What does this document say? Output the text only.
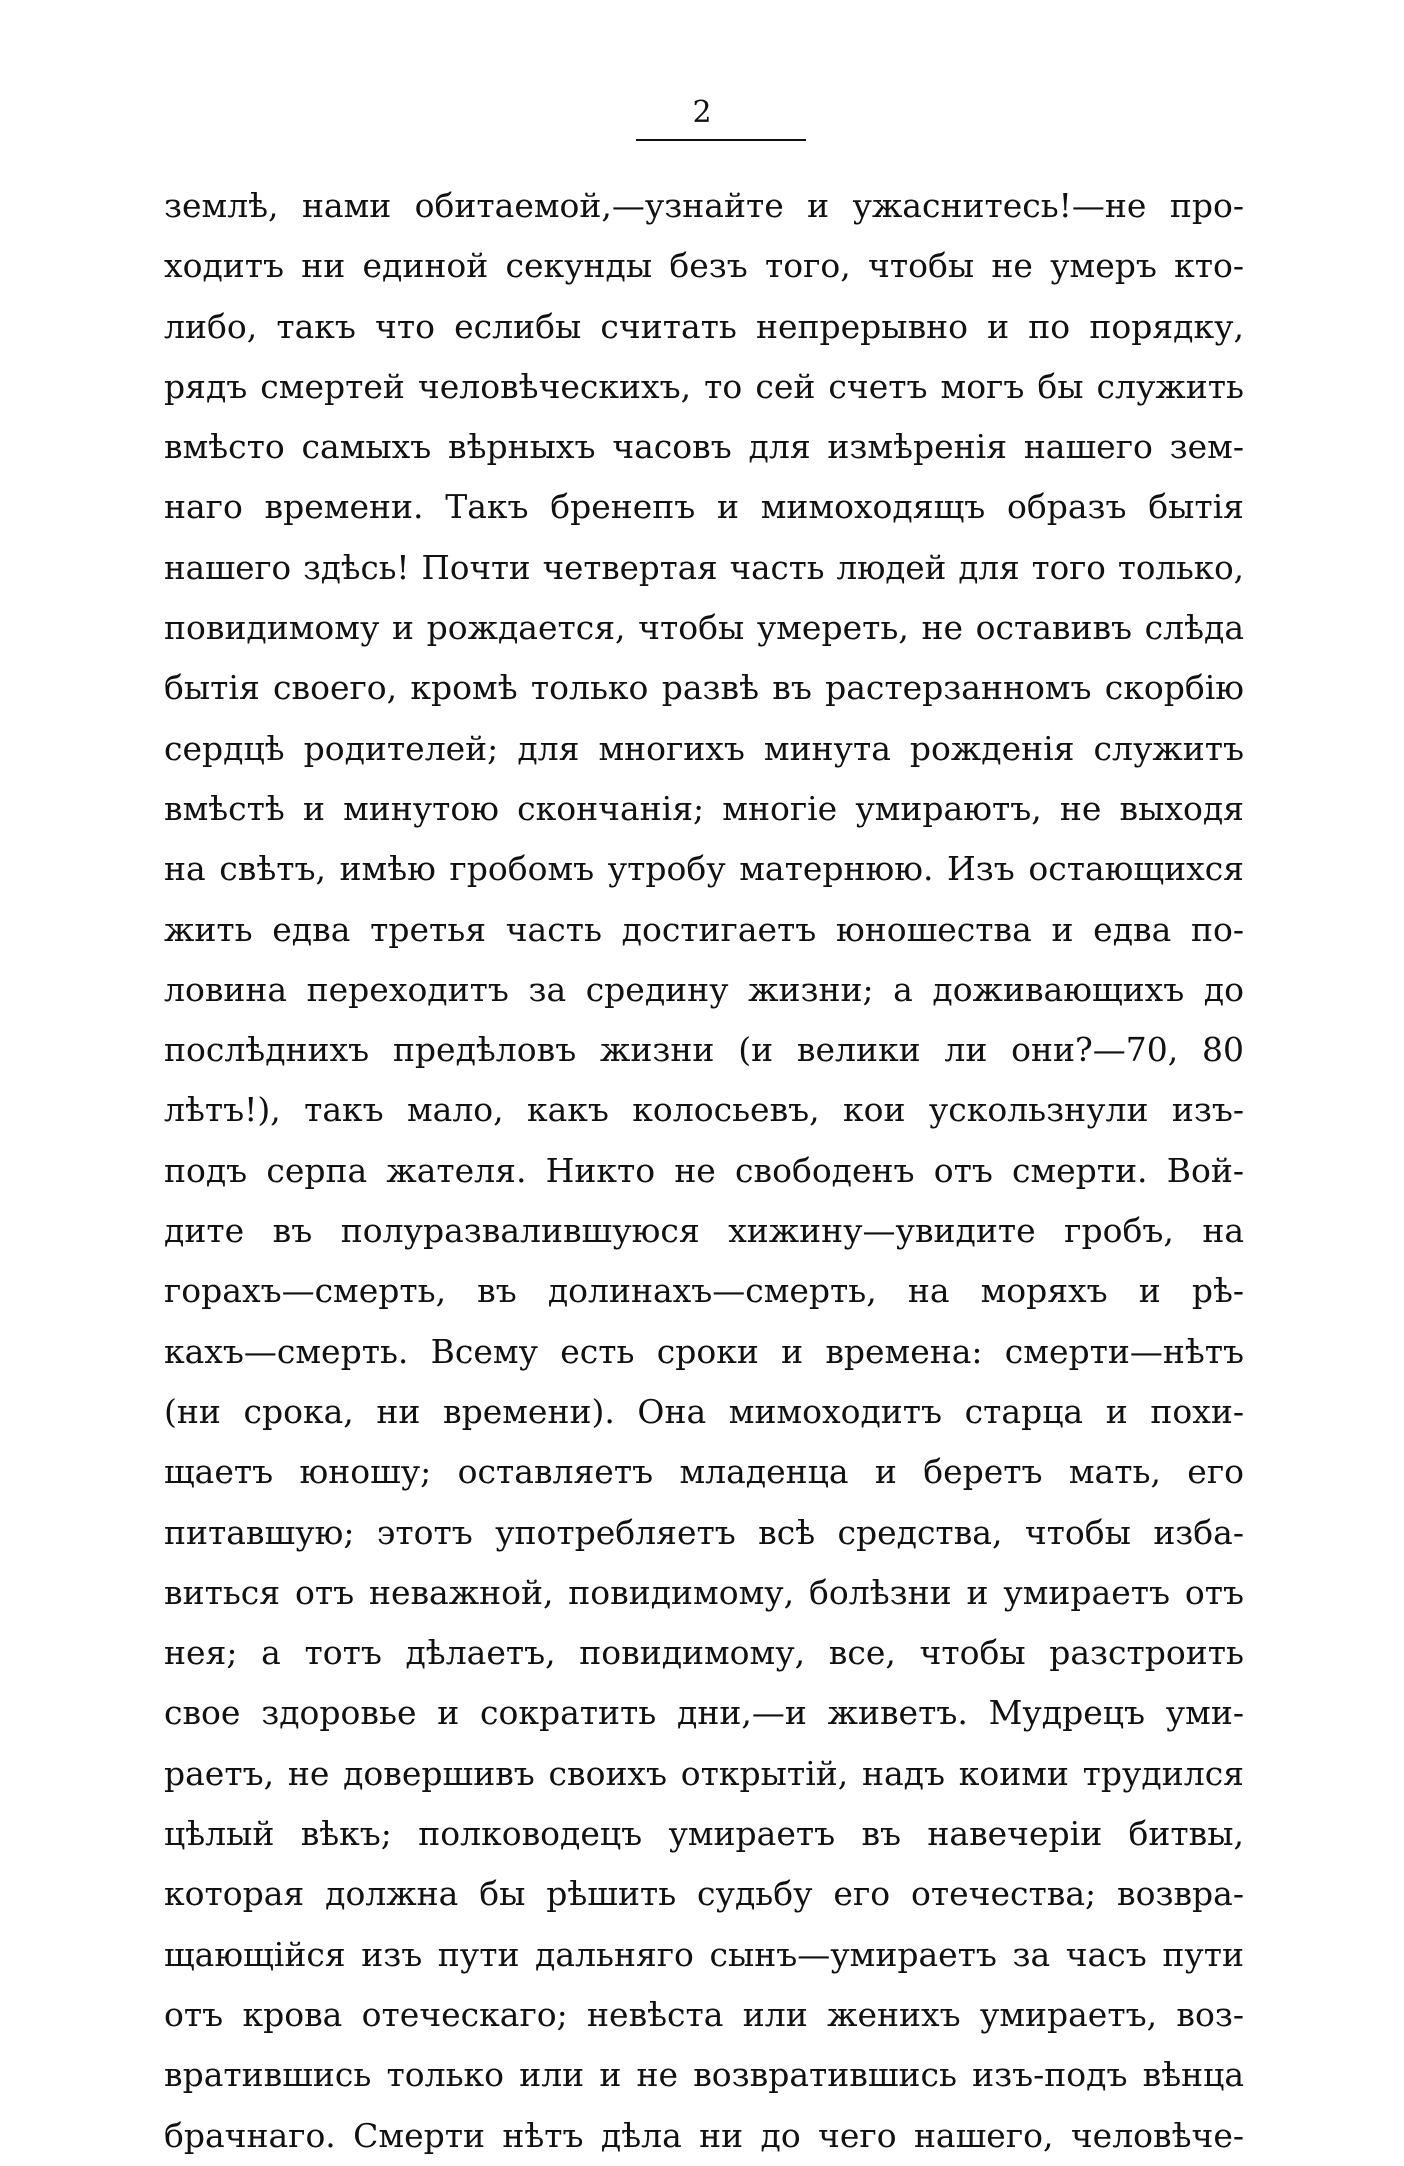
2
землѣ, нами обитаемой,—узнайте и ужаснитесь!—не про-
ходитъ ни единой секунды безъ того, чтобы не умеръ кто-
либо, такъ что еслибы считать непрерывно и по порядку,
рядъ смертей человѣческихъ, то сей счетъ могъ бы служить
вмѣсто самыхъ вѣрныхъ часовъ для измѣренія нашего зем-
наго времени. Такъ бренепъ и мимоходящъ образъ бытія
нашего здѣсь! Почти четвертая часть людей для того только,
повидимому и рождается, чтобы умереть, не оставивъ слѣда
бытія своего, кромѣ только развѣ въ растерзанномъ скорбію
сердцѣ родителей; для многихъ минута рожденія служитъ
вмѣстѣ и минутою скончанія; многіе умираютъ, не выходя
на свѣтъ, имѣю гробомъ утробу матернюю. Изъ остающихся
жить едва третья часть достигаетъ юношества и едва по-
ловина переходитъ за средину жизни; а доживающихъ до
послѣднихъ предѣловъ жизни (и велики ли они?—70, 80
лѣтъ!), такъ мало, какъ колосьевъ, кои ускользнули изъ-
подъ серпа жателя. Никто не свободенъ отъ смерти. Вой-
дите въ полуразвалившуюся хижину—увидите гробъ, на
горахъ—смерть, въ долинахъ—смерть, на моряхъ и рѣ-
кахъ—смерть. Всему есть сроки и времена: смерти—нѣтъ
(ни срока, ни времени). Она мимоходитъ старца и похи-
щаетъ юношу; оставляетъ младенца и беретъ мать, его
питавшую; этотъ употребляетъ всѣ средства, чтобы изба-
виться отъ неважной, повидимому, болѣзни и умираетъ отъ
нея; а тотъ дѣлаетъ, повидимому, все, чтобы разстроить
свое здоровье и сократить дни,—и живетъ. Мудрецъ уми-
раетъ, не довершивъ своихъ открытій, надъ коими трудился
цѣлый вѣкъ; полководецъ умираетъ въ навечеріи битвы,
которая должна бы рѣшить судьбу его отечества; возвра-
щающійся изъ пути дальняго сынъ—умираетъ за часъ пути
отъ крова отеческаго; невѣста или женихъ умираетъ, воз-
вратившись только или и не возвратившись изъ-подъ вѣнца
брачнаго. Смерти нѣтъ дѣла ни до чего нашего, человѣче-
